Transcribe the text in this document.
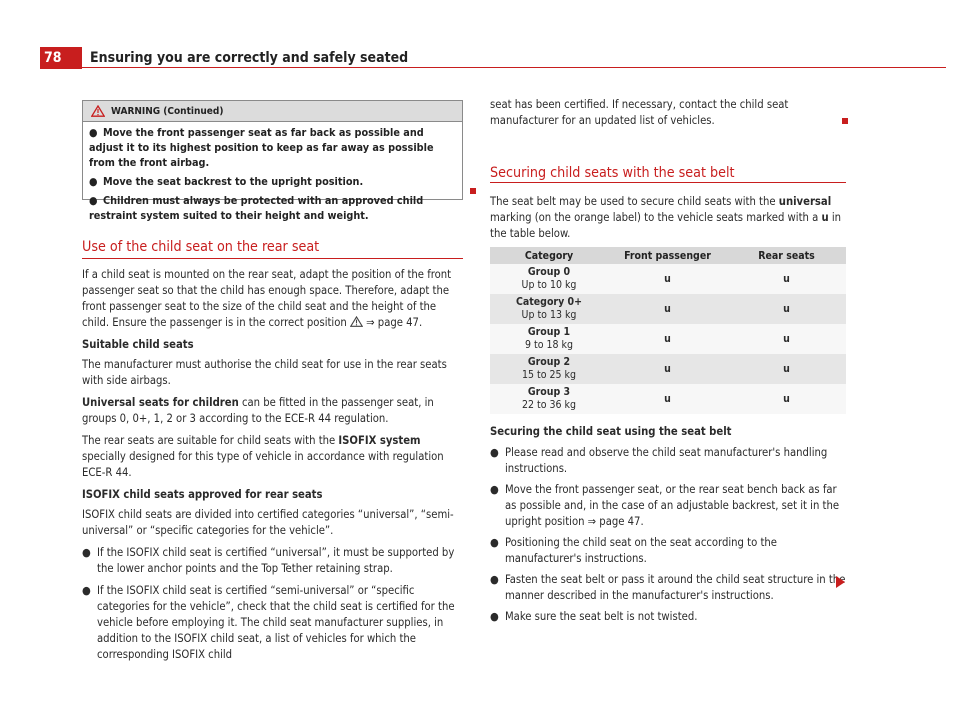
78	Ensuring you are correctly and safely seated
WARNING (Continued)
● Move the front passenger seat as far back as possible and adjust it to its highest position to keep as far away as possible from the front airbag.
● Move the seat backrest to the upright position.
● Children must always be protected with an approved child restraint system suited to their height and weight.
Use of the child seat on the rear seat

If a child seat is mounted on the rear seat, adapt the position of the front passenger seat so that the child has enough space. Therefore, adapt the front passenger seat to the size of the child seat and the height of the child. Ensure the passenger is in the correct position ⇒ page 47.

Suitable child seats

The manufacturer must authorise the child seat for use in the rear seats with side airbags.

Universal seats for children can be fitted in the passenger seat, in groups 0, 0+, 1, 2 or 3 according to the ECE-R 44 regulation.

The rear seats are suitable for child seats with the ISOFIX system specially designed for this type of vehicle in accordance with regulation ECE-R 44.

ISOFIX child seats approved for rear seats

ISOFIX child seats are divided into certified categories “universal”, “semi-universal” or “specific categories for the vehicle”.

● If the ISOFIX child seat is certified “universal”, it must be supported by the lower anchor points and the Top Tether retaining strap.
● If the ISOFIX child seat is certified “semi-universal” or “specific categories for the vehicle”, check that the child seat is certified for the vehicle before employing it. The child seat manufacturer supplies, in addition to the ISOFIX child seat, a list of vehicles for which the corresponding ISOFIX child

seat has been certified. If necessary, contact the child seat manufacturer for an updated list of vehicles.

Securing child seats with the seat belt

The seat belt may be used to secure child seats with the universal marking (on the orange label) to the vehicle seats marked with a u in the table below.

Category	Front passenger	Rear seats
Group 0
Up to 10 kg	u	u
Category 0+
Up to 13 kg	u	u
Group 1
9 to 18 kg	u	u
Group 2
15 to 25 kg	u	u
Group 3
22 to 36 kg	u	u

Securing the child seat using the seat belt

● Please read and observe the child seat manufacturer's handling instructions.
● Move the front passenger seat, or the rear seat bench back as far as possible and, in the case of an adjustable backrest, set it in the upright position ⇒ page 47.
● Positioning the child seat on the seat according to the manufacturer's instructions.
● Fasten the seat belt or pass it around the child seat structure in the manner described in the manufacturer's instructions.
● Make sure the seat belt is not twisted.
